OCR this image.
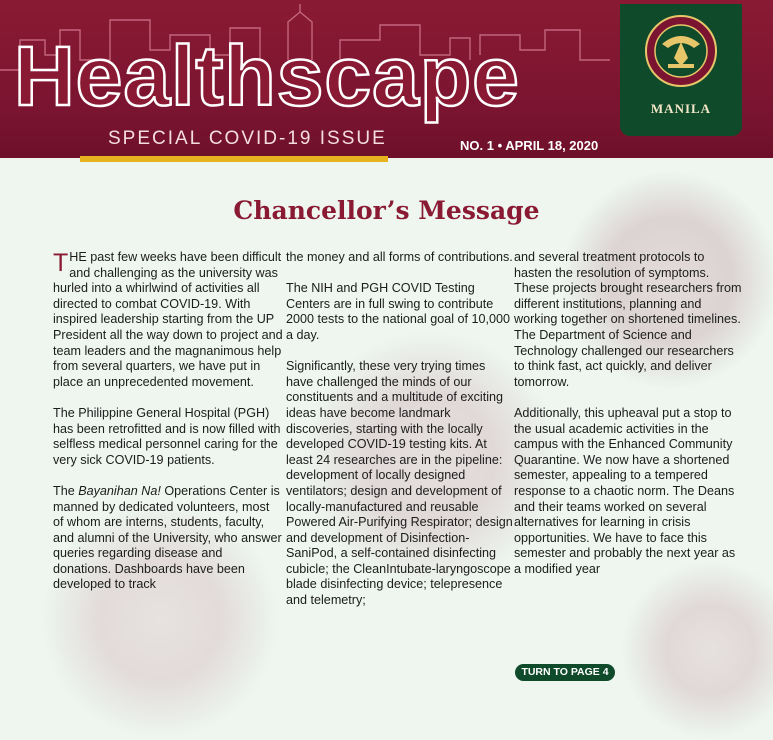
Healthscape
SPECIAL COVID-19 ISSUE	NO. 1 • APRIL 18, 2020
MANILA
Chancellor’s Message

THE past few weeks have been difficult and challenging as the university was hurled into a whirlwind of activities all directed to combat COVID-19. With inspired leadership starting from the UP President all the way down to project and team leaders and the magnanimous help from several quarters, we have put in place an unprecedented movement.

The Philippine General Hospital (PGH) has been retrofitted and is now filled with selfless medical personnel caring for the very sick COVID-19 patients.

The Bayanihan Na! Operations Center is manned by dedicated volunteers, most of whom are interns, students, faculty, and alumni of the University, who answer queries regarding disease and donations. Dashboards have been developed to track

the money and all forms of contributions.

The NIH and PGH COVID Testing Centers are in full swing to contribute 2000 tests to the national goal of 10,000 a day.

Significantly, these very trying times have challenged the minds of our constituents and a multitude of exciting ideas have become landmark discoveries, starting with the locally developed COVID-19 testing kits. At least 24 researches are in the pipeline: development of locally designed ventilators; design and development of locally-manufactured and reusable Powered Air-Purifying Respirator; design and development of Disinfection-SaniPod, a self-contained disinfecting cubicle; the CleanIntubate-laryngoscope blade disinfecting device; telepresence and telemetry;

and several treatment protocols to hasten the resolution of symptoms. These projects brought researchers from different institutions, planning and working together on shortened timelines. The Department of Science and Technology challenged our researchers to think fast, act quickly, and deliver tomorrow.

Additionally, this upheaval put a stop to the usual academic activities in the campus with the Enhanced Community Quarantine. We now have a shortened semester, appealing to a tempered response to a chaotic norm. The Deans and their teams worked on several alternatives for learning in crisis opportunities. We have to face this semester and probably the next year as a modified year

TURN TO PAGE 4
